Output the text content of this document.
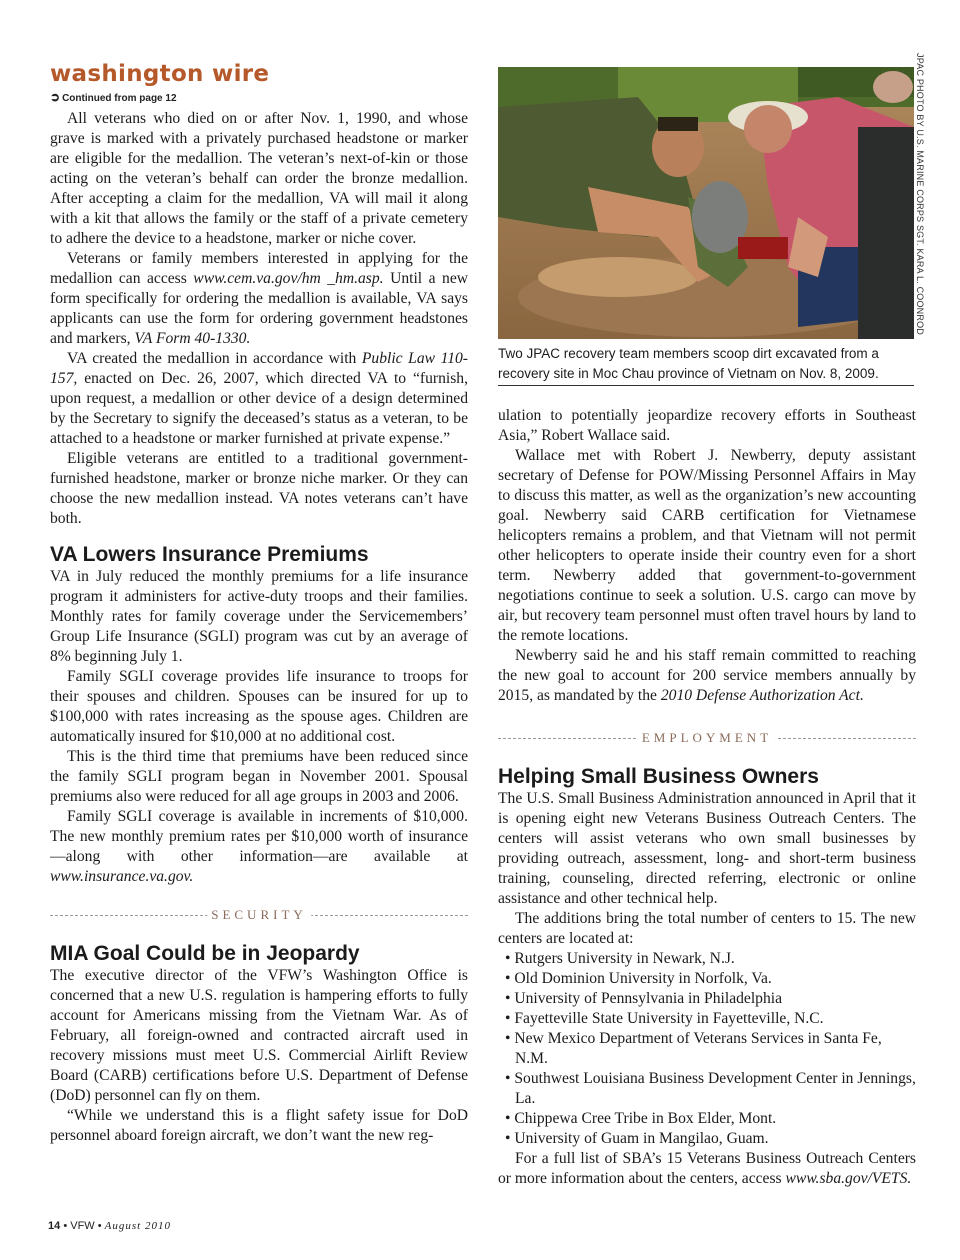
washington wire
➲ Continued from page 12

All veterans who died on or after Nov. 1, 1990, and whose grave is marked with a privately purchased headstone or marker are eligible for the medallion. The veteran’s next-of-kin or those acting on the veteran’s behalf can order the bronze medallion. After accepting a claim for the medallion, VA will mail it along with a kit that allows the family or the staff of a private cemetery to adhere the device to a headstone, marker or niche cover.

Veterans or family members interested in applying for the medallion can access www.cem.va.gov/hm _hm.asp. Until a new form specifically for ordering the medallion is available, VA says applicants can use the form for ordering government headstones and markers, VA Form 40-1330.

VA created the medallion in accordance with Public Law 110-157, enacted on Dec. 26, 2007, which directed VA to “furnish, upon request, a medallion or other device of a design determined by the Secretary to signify the deceased’s status as a veteran, to be attached to a headstone or marker furnished at private expense.”

Eligible veterans are entitled to a traditional government-furnished headstone, marker or bronze niche marker. Or they can choose the new medallion instead. VA notes veterans can’t have both.

VA Lowers Insurance Premiums

VA in July reduced the monthly premiums for a life insurance program it administers for active-duty troops and their families. Monthly rates for family coverage under the Servicemembers’ Group Life Insurance (SGLI) program was cut by an average of 8% beginning July 1.

Family SGLI coverage provides life insurance to troops for their spouses and children. Spouses can be insured for up to $100,000 with rates increasing as the spouse ages. Children are automatically insured for $10,000 at no additional cost.

This is the third time that premiums have been reduced since the family SGLI program began in November 2001. Spousal premiums also were reduced for all age groups in 2003 and 2006.

Family SGLI coverage is available in increments of $10,000. The new monthly premium rates per $10,000 worth of insurance—along with other information—are available at www.insurance.va.gov.

SECURITY
MIA Goal Could be in Jeopardy

The executive director of the VFW’s Washington Office is concerned that a new U.S. regulation is hampering efforts to fully account for Americans missing from the Vietnam War. As of February, all foreign-owned and contracted aircraft used in recovery missions must meet U.S. Commercial Airlift Review Board (CARB) certifications before U.S. Department of Defense (DoD) personnel can fly on them.

“While we understand this is a flight safety issue for DoD personnel aboard foreign aircraft, we don’t want the new reg-

Two JPAC recovery team members scoop dirt excavated from a recovery site in Moc Chau province of Vietnam on Nov. 8, 2009.

ulation to potentially jeopardize recovery efforts in Southeast Asia,” Robert Wallace said.

Wallace met with Robert J. Newberry, deputy assistant secretary of Defense for POW/Missing Personnel Affairs in May to discuss this matter, as well as the organization’s new accounting goal. Newberry said CARB certification for Vietnamese helicopters remains a problem, and that Vietnam will not permit other helicopters to operate inside their country even for a short term. Newberry added that government-to-government negotiations continue to seek a solution. U.S. cargo can move by air, but recovery team personnel must often travel hours by land to the remote locations.

Newberry said he and his staff remain committed to reaching the new goal to account for 200 service members annually by 2015, as mandated by the 2010 Defense Authorization Act.

EMPLOYMENT
Helping Small Business Owners

The U.S. Small Business Administration announced in April that it is opening eight new Veterans Business Outreach Centers. The centers will assist veterans who own small businesses by providing outreach, assessment, long- and short-term business training, counseling, directed referring, electronic or online assistance and other technical help.

The additions bring the total number of centers to 15. The new centers are located at:

• Rutgers University in Newark, N.J.
• Old Dominion University in Norfolk, Va.
• University of Pennsylvania in Philadelphia
• Fayetteville State University in Fayetteville, N.C.
• New Mexico Department of Veterans Services in Santa Fe, N.M.
• Southwest Louisiana Business Development Center in Jennings, La.
• Chippewa Cree Tribe in Box Elder, Mont.
• University of Guam in Mangilao, Guam.

For a full list of SBA’s 15 Veterans Business Outreach Centers or more information about the centers, access www.sba.gov/VETS.

JPAC PHOTO BY U.S. MARINE CORPS SGT. KARA L. COONROD
14 • VFW • August 2010
